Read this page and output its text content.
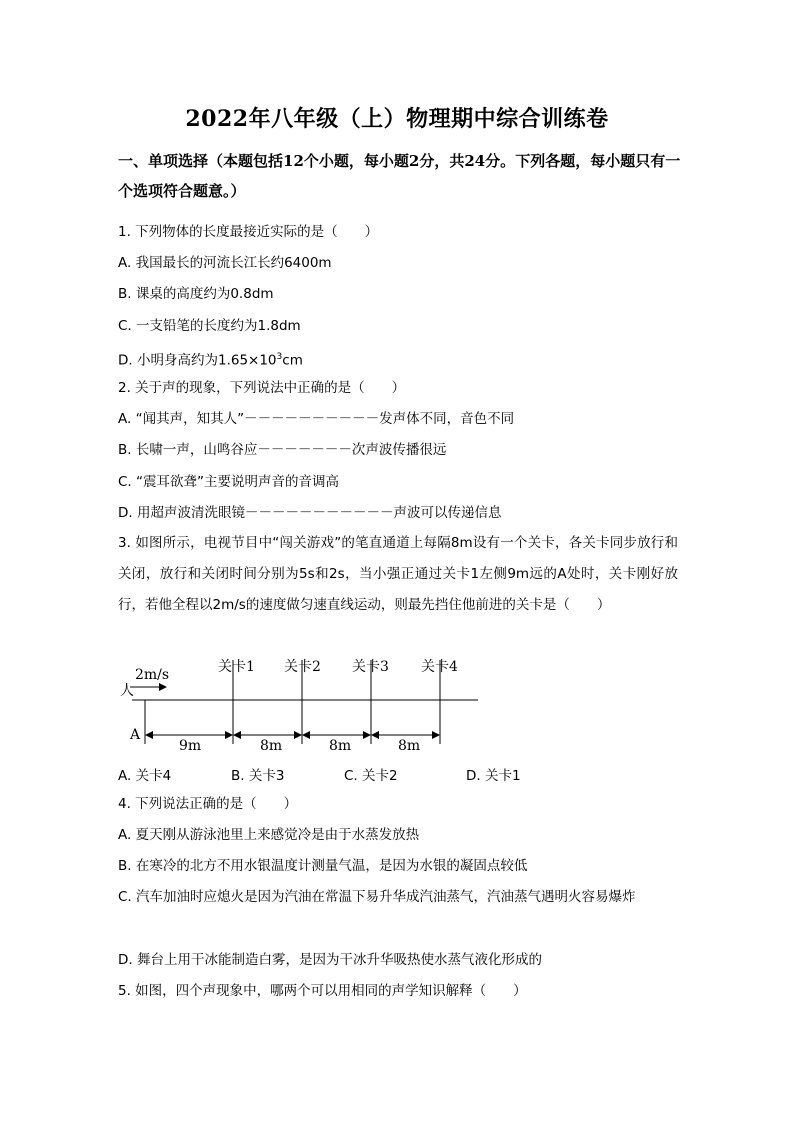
2022年八年级（上）物理期中综合训练卷
一、单项选择（本题包括12个小题，每小题2分，共24分。下列各题，每小题只有一个选项符合题意。）
1. 下列物体的长度最接近实际的是（　　）
A. 我国最长的河流长江长约6400m
B. 课桌的高度约为0.8dm
C. 一支铅笔的长度约为1.8dm
D. 小明身高约为$1.65\times 10^3cm$
2. 关于声的现象，下列说法中正确的是（　　）
A. “闻其声，知其人”－－－－－－－－－－发声体不同，音色不同
B. 长啸一声，山鸣谷应－－－－－－－次声波传播很远
C. “震耳欲聋”主要说明声音的音调高
D. 用超声波清洗眼镜－－－－－－－－－－－声波可以传递信息
3. 如图所示，电视节目中“闯关游戏”的笔直通道上每隔8m设有一个关卡，各关卡同步放行和关闭，放行和关闭时间分别为5s和2s，当小强正通过关卡1左侧9m远的A处时，关卡刚好放行，若他全程以2m/s的速度做匀速直线运动，则最先挡住他前进的关卡是（　　）
2m/s
人
关卡1 关卡2 关卡3 关卡4
A
9m	8m	8m	8m
A. 关卡4	B. 关卡3	C. 关卡2	D. 关卡1
4. 下列说法正确的是（　　）
A. 夏天刚从游泳池里上来感觉冷是由于水蒸发放热
B. 在寒冷的北方不用水银温度计测量气温，是因为水银的凝固点较低
C. 汽车加油时应熄火是因为汽油在常温下易升华成汽油蒸气，汽油蒸气遇明火容易爆炸
D. 舞台上用干冰能制造白雾，是因为干冰升华吸热使水蒸气液化形成的
5. 如图，四个声现象中，哪两个可以用相同的声学知识解释（　　）
